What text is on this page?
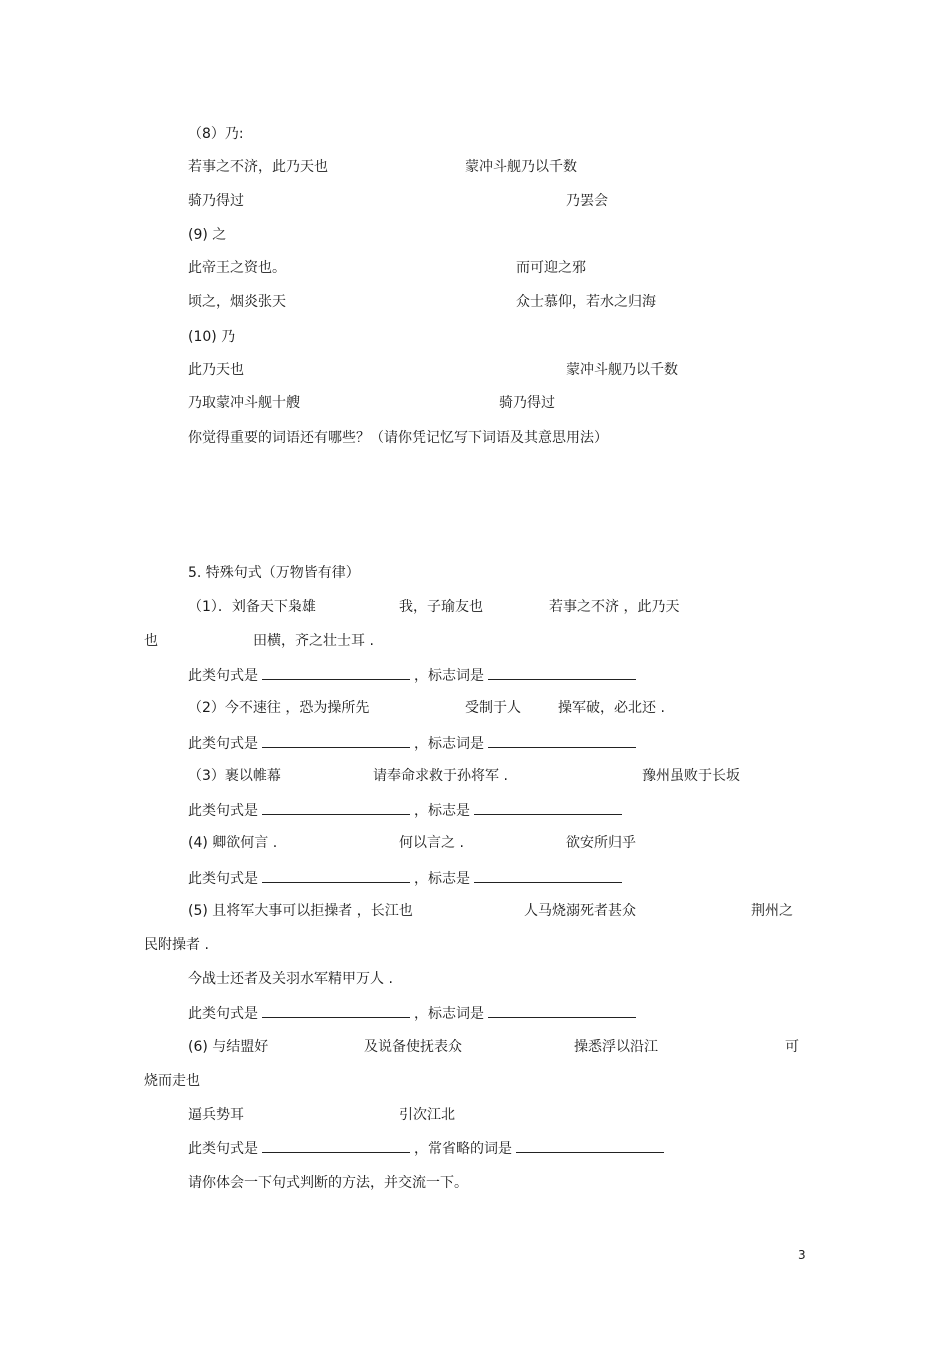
（8）乃:
若事之不济，此乃天也	蒙冲斗舰乃以千数
骑乃得过	乃罢会
(9) 之
此帝王之资也。	而可迎之邪
顷之，烟炎张天	众士慕仰，若水之归海
(10) 乃
此乃天也	蒙冲斗舰乃以千数
乃取蒙冲斗舰十艘	骑乃得过
你觉得重要的词语还有哪些？（请你凭记忆写下词语及其意思用法）
5. 特殊句式（万物皆有律）
（1）．刘备天下枭雄	我，子瑜友也	若事之不济 ，此乃天
也	田横，齐之壮士耳 .
此类句式是	，标志词是
（2）今不速往 ，恐为操所先	受制于人	操军破，必北还 .
此类句式是	，标志词是
（3）裹以帷幕	请奉命求救于孙将军 .	豫州虽败于长坂
此类句式是	，标志是
(4) 卿欲何言 .	何以言之 .	欲安所归乎
此类句式是	，标志是
(5) 且将军大事可以拒操者 ，长江也	人马烧溺死者甚众	荆州之
民附操者 .
今战士还者及关羽水军精甲万人 .
此类句式是	，标志词是
(6) 与结盟好	及说备使抚表众	操悉浮以沿江	可
烧而走也
逼兵势耳	引次江北
此类句式是	，常省略的词是
请你体会一下句式判断的方法，并交流一下。
3
